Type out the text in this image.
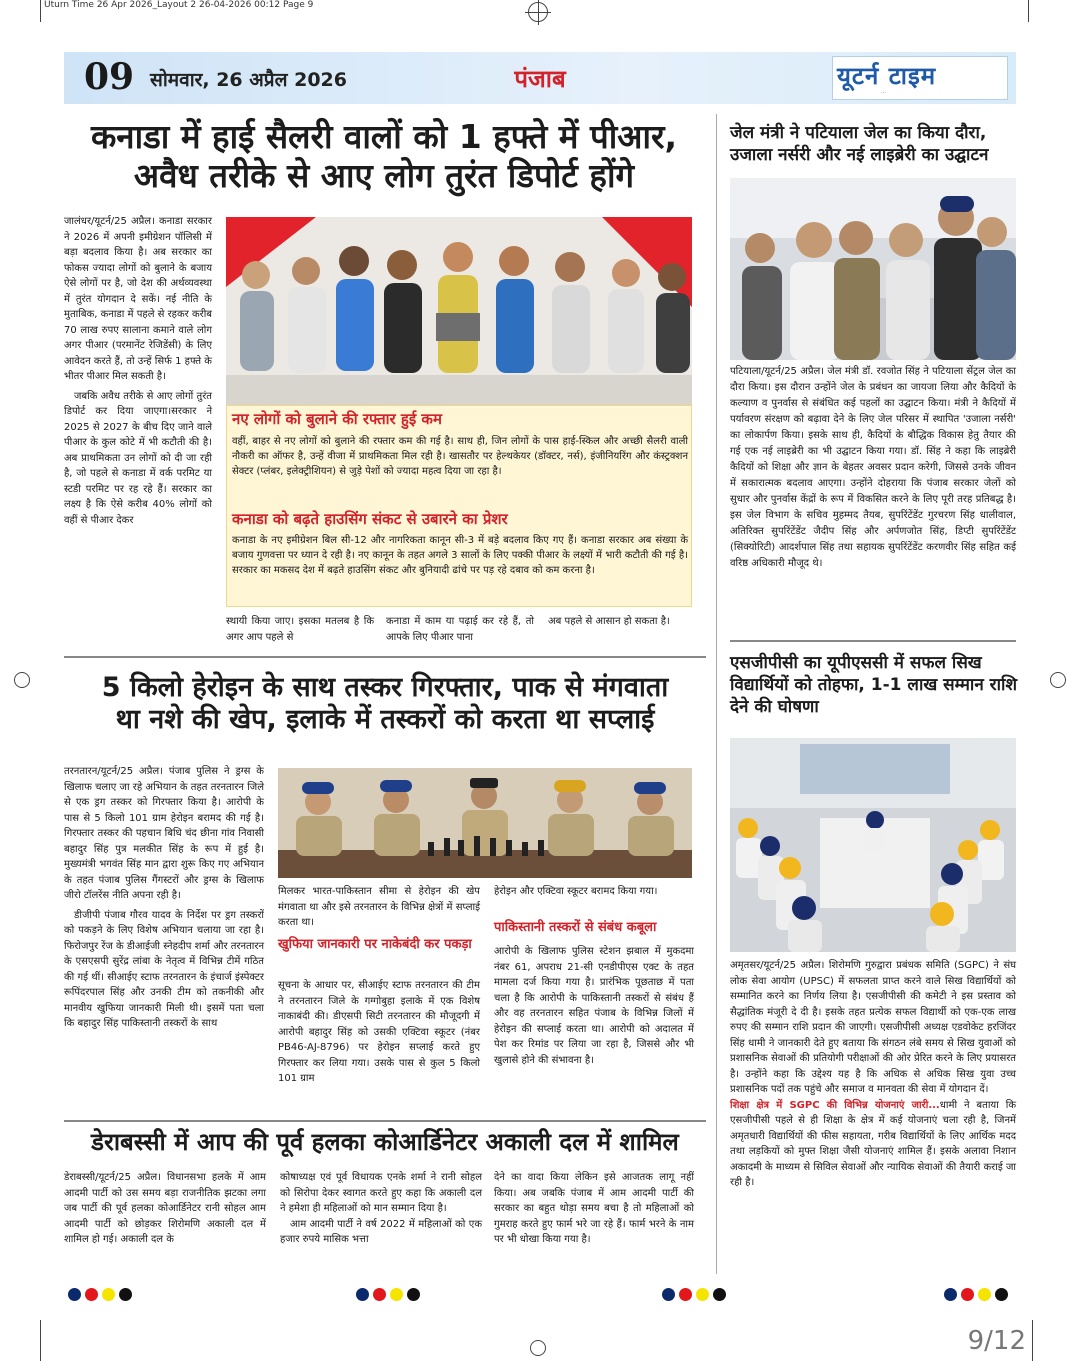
Uturn Time 26 Apr 2026_Layout 2 26-04-2026 00:12 Page 9
09 सोमवार, 26 अप्रैल 2026	पंजाब	यूटर्न टाइम
…
कनाडा में हाई सैलरी वालों को 1 हफ्ते में पीआर,
अवैध तरीके से आए लोग तुरंत डिपोर्ट होंगे

जालंधर/यूटर्न/25 अप्रैल। कनाडा सरकार ने 2026 में अपनी इमीग्रेशन पॉलिसी में बड़ा बदलाव किया है। अब सरकार का फोकस ज्यादा लोगों को बुलाने के बजाय ऐसे लोगों पर है, जो देश की अर्थव्यवस्था में तुरंत योगदान दे सकें। नई नीति के मुताबिक, कनाडा में पहले से रहकर करीब 70 लाख रुपए सालाना कमाने वाले लोग अगर पीआर (परमानेंट रेजिडेंसी) के लिए आवेदन करते हैं, तो उन्हें सिर्फ 1 हफ्ते के भीतर पीआर मिल सकती है।

जबकि अवैध तरीके से आए लोगों तुरंत डिपोर्ट कर दिया जाएगा।सरकार ने 2025 से 2027 के बीच दिए जाने वाले पीआर के कुल कोटे में भी कटौती की है। अब प्राथमिकता उन लोगों को दी जा रही है, जो पहले से कनाडा में वर्क परमिट या स्टडी परमिट पर रह रहे हैं। सरकार का लक्ष्य है कि ऐसे करीब 40% लोगों को वहीं से पीआर देकर

नए लोगों को बुलाने की रफ्तार हुई कम
वहीं, बाहर से नए लोगों को बुलाने की रफ्तार कम की गई है। साथ ही, जिन लोगों के पास हाई-स्किल और अच्छी सैलरी वाली नौकरी का ऑफर है, उन्हें वीजा में प्राथमिकता मिल रही है। खासतौर पर हेल्थकेयर (डॉक्टर, नर्स), इंजीनियरिंग और कंस्ट्रक्शन सेक्टर (प्लंबर, इलेक्ट्रीशियन) से जुड़े पेशों को ज्यादा महत्व दिया जा रहा है।
कनाडा को बढ़ते हाउसिंग संकट से उबारने का प्रेशर
कनाडा के नए इमीग्रेशन बिल सी-12 और नागरिकता कानून सी-3 में बड़े बदलाव किए गए हैं। कनाडा सरकार अब संख्या के बजाय गुणवत्ता पर ध्यान दे रही है। नए कानून के तहत अगले 3 सालों के लिए पक्की पीआर के लक्ष्यों में भारी कटौती की गई है। सरकार का मकसद देश में बढ़ते हाउसिंग संकट और बुनियादी ढांचे पर पड़ रहे दबाव को कम करना है।
स्थायी किया जाए। इसका मतलब है कि अगर आप पहले से
कनाडा में काम या पढ़ाई कर रहे हैं, तो आपके लिए पीआर पाना
अब पहले से आसान हो सकता है।
5 किलो हेरोइन के साथ तस्कर गिरफ्तार, पाक से मंगवाता
था नशे की खेप, इलाके में तस्करों को करता था सप्लाई

तरनतारन/यूटर्न/25 अप्रैल। पंजाब पुलिस ने ड्रग्स के खिलाफ चलाए जा रहे अभियान के तहत तरनतारन जिले से एक ड्रग तस्कर को गिरफ्तार किया है। आरोपी के पास से 5 किलो 101 ग्राम हेरोइन बरामद की गई है। गिरफ्तार तस्कर की पहचान बिधि चंद छीना गांव निवासी बहादुर सिंह पुत्र मलकीत सिंह के रूप में हुई है। मुख्यमंत्री भगवंत सिंह मान द्वारा शुरू किए गए अभियान के तहत पंजाब पुलिस गैंगस्टरों और ड्रग्स के खिलाफ जीरो टॉलरेंस नीति अपना रही है।

डीजीपी पंजाब गौरव यादव के निर्देश पर ड्रग तस्करों को पकड़ने के लिए विशेष अभियान चलाया जा रहा है। फिरोजपुर रेंज के डीआईजी स्नेहदीप शर्मा और तरनतारन के एसएसपी सुरेंद्र लांबा के नेतृत्व में विभिन्न टीमें गठित की गई थीं। सीआईए स्टाफ तरनतारन के इंचार्ज इंस्पेक्टर रूपिंदरपाल सिंह और उनकी टीम को तकनीकी और मानवीय खुफिया जानकारी मिली थी। इसमें पता चला कि बहादुर सिंह पाकिस्तानी तस्करों के साथ

मिलकर भारत-पाकिस्तान सीमा से हेरोइन की खेप मंगवाता था और इसे तरनतारन के विभिन्न क्षेत्रों में सप्लाई करता था।
खुफिया जानकारी पर नाकेबंदी कर पकड़ा
सूचना के आधार पर, सीआईए स्टाफ तरनतारन की टीम ने तरनतारन जिले के गग्गोबुहा इलाके में एक विशेष नाकाबंदी की। डीएसपी सिटी तरनतारन की मौजूदगी में आरोपी बहादुर सिंह को उसकी एक्टिवा स्कूटर (नंबर PB46-AJ-8796) पर हेरोइन सप्लाई करते हुए गिरफ्तार कर लिया गया। उसके पास से कुल 5 किलो 101 ग्राम
हेरोइन और एक्टिवा स्कूटर बरामद किया गया।
पाकिस्तानी तस्करों से संबंध कबूला
आरोपी के खिलाफ पुलिस स्टेशन झबाल में मुकदमा नंबर 61, अपराध 21-सी एनडीपीएस एक्ट के तहत मामला दर्ज किया गया है। प्रारंभिक पूछताछ में पता चला है कि आरोपी के पाकिस्तानी तस्करों से संबंध हैं और वह तरनतारन सहित पंजाब के विभिन्न जिलों में हेरोइन की सप्लाई करता था। आरोपी को अदालत में पेश कर रिमांड पर लिया जा रहा है, जिससे और भी खुलासे होने की संभावना है।
डेराबस्सी में आप की पूर्व हलका कोआर्डिनेटर अकाली दल में शामिल
डेराबस्सी/यूटर्न/25 अप्रैल। विधानसभा हलके में आम आदमी पार्टी को उस समय बड़ा राजनीतिक झटका लगा जब पार्टी की पूर्व हलका कोआर्डिनेटर रानी सोहल आम आदमी पार्टी को छोड़कर शिरोमणि अकाली दल में शामिल हो गई। अकाली दल के

कोषाध्यक्ष एवं पूर्व विधायक एनके शर्मा ने रानी सोहल को सिरोपा देकर स्वागत करते हुए कहा कि अकाली दल ने हमेशा ही महिलाओं को मान सम्मान दिया है।

आम आदमी पार्टी ने वर्ष 2022 में महिलाओं को एक हजार रुपये मासिक भत्ता

देने का वादा किया लेकिन इसे आजतक लागू नहीं किया। अब जबकि पंजाब में आम आदमी पार्टी की सरकार का बहुत थोड़ा समय बचा है तो महिलाओं को गुमराह करते हुए फार्म भरे जा रहे हैं। फार्म भरने के नाम पर भी धोखा किया गया है।
जेल मंत्री ने पटियाला जेल का किया दौरा,
उजाला नर्सरी और नई लाइब्रेरी का उद्घाटन
पटियाला/यूटर्न/25 अप्रैल। जेल मंत्री डॉ. रवजोत सिंह ने पटियाला सेंट्रल जेल का दौरा किया। इस दौरान उन्होंने जेल के प्रबंधन का जायजा लिया और कैदियों के कल्याण व पुनर्वास से संबंधित कई पहलों का उद्घाटन किया। मंत्री ने कैदियों में पर्यावरण संरक्षण को बढ़ावा देने के लिए जेल परिसर में स्थापित 'उजाला नर्सरी' का लोकार्पण किया। इसके साथ ही, कैदियों के बौद्धिक विकास हेतु तैयार की गई एक नई लाइब्रेरी का भी उद्घाटन किया गया। डॉ. सिंह ने कहा कि लाइब्रेरी कैदियों को शिक्षा और ज्ञान के बेहतर अवसर प्रदान करेगी, जिससे उनके जीवन में सकारात्मक बदलाव आएगा। उन्होंने दोहराया कि पंजाब सरकार जेलों को सुधार और पुनर्वास केंद्रों के रूप में विकसित करने के लिए पूरी तरह प्रतिबद्ध है। इस जेल विभाग के सचिव मुहम्मद तैयब, सुपरिंटेंडेंट गुरचरण सिंह धालीवाल, अतिरिक्त सुपरिंटेंडेंट जैदीप सिंह और अर्पणजोत सिंह, डिप्टी सुपरिंटेंडेंट (सिक्योरिटी) आदर्शपाल सिंह तथा सहायक सुपरिंटेंडेंट करणवीर सिंह सहित कई वरिष्ठ अधिकारी मौजूद थे।
एसजीपीसी का यूपीएससी में सफल सिख
विद्यार्थियों को तोहफा, 1-1 लाख सम्मान राशि
देने की घोषणा

अमृतसर/यूटर्न/25 अप्रैल। शिरोमणि गुरुद्वारा प्रबंधक समिति (SGPC) ने संघ लोक सेवा आयोग (UPSC) में सफलता प्राप्त करने वाले सिख विद्यार्थियों को सम्मानित करने का निर्णय लिया है। एसजीपीसी की कमेटी ने इस प्रस्ताव को सैद्धांतिक मंजूरी दे दी है। इसके तहत प्रत्येक सफल विद्यार्थी को एक-एक लाख रुपए की सम्मान राशि प्रदान की जाएगी। एसजीपीसी अध्यक्ष एडवोकेट हरजिंदर सिंह धामी ने जानकारी देते हुए बताया कि संगठन लंबे समय से सिख युवाओं को प्रशासनिक सेवाओं की प्रतियोगी परीक्षाओं की ओर प्रेरित करने के लिए प्रयासरत है। उन्होंने कहा कि उद्देश्य यह है कि अधिक से अधिक सिख युवा उच्च प्रशासनिक पदों तक पहुंचे और समाज व मानवता की सेवा में योगदान दें।

शिक्षा क्षेत्र में SGPC की विभिन्न योजनाएं जारी...धामी ने बताया कि एसजीपीसी पहले से ही शिक्षा के क्षेत्र में कई योजनाएं चला रही है, जिनमें अमृतधारी विद्यार्थियों की फीस सहायता, गरीब विद्यार्थियों के लिए आर्थिक मदद तथा लड़कियों को मुफ्त शिक्षा जैसी योजनाएं शामिल हैं। इसके अलावा निशान अकादमी के माध्यम से सिविल सेवाओं और न्यायिक सेवाओं की तैयारी कराई जा रही है।

9/12
